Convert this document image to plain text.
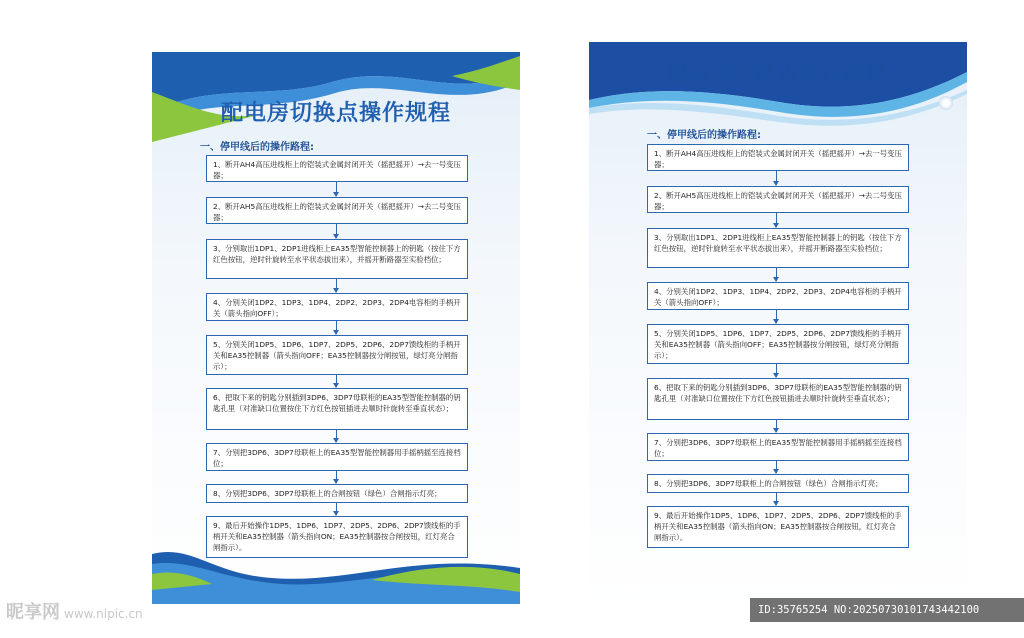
配电房切换点操作规程
一、停甲线后的操作路程:
1、断开AH4高压进线柜上的铠装式金属封闭开关（摇把摇开）→去一号变压器；
2、断开AH5高压进线柜上的铠装式金属封闭开关（摇把摇开）→去二号变压器；
3、分别取出1DP1、2DP1进线柜上EA35型智能控制器上的钥匙（按住下方红色按钮，逆时针旋转至水平状态拔出来），并摇开断路器至实验档位；
4、分别关闭1DP2、1DP3、1DP4、2DP2、2DP3、2DP4电容柜的手柄开关（箭头指向OFF）；
5、分别关闭1DP5、1DP6、1DP7、2DP5、2DP6、2DP7馈线柜的手柄开关和EA35控制器（箭头指向OFF；EA35控制器按分闸按钮，绿灯亮分闸指示）；
6、把取下来的钥匙分别插到3DP6、3DP7母联柜的EA35型智能控制器的钥匙孔里（对准缺口位置按住下方红色按钮插进去顺时针旋转至垂直状态）；
7、分别把3DP6、3DP7母联柜上的EA35型智能控制器用手摇柄摇至连接档位；
8、分别把3DP6、3DP7母联柜上的合闸按钮（绿色）合闸指示灯亮；
9、最后开始操作1DP5、1DP6、1DP7、2DP5、2DP6、2DP7馈线柜的手柄开关和EA35控制器（箭头指向ON；EA35控制器按合闸按钮，红灯亮合闸指示）。
配电房切换点操作规程
一、停甲线后的操作路程:
1、断开AH4高压进线柜上的铠装式金属封闭开关（摇把摇开）→去一号变压器；
2、断开AH5高压进线柜上的铠装式金属封闭开关（摇把摇开）→去二号变压器；
3、分别取出1DP1、2DP1进线柜上EA35型智能控制器上的钥匙（按住下方红色按钮，逆时针旋转至水平状态拔出来），并摇开断路器至实验档位；
4、分别关闭1DP2、1DP3、1DP4、2DP2、2DP3、2DP4电容柜的手柄开关（箭头指向OFF）；
5、分别关闭1DP5、1DP6、1DP7、2DP5、2DP6、2DP7馈线柜的手柄开关和EA35控制器（箭头指向OFF；EA35控制器按分闸按钮，绿灯亮分闸指示）；
6、把取下来的钥匙分别插到3DP6、3DP7母联柜的EA35型智能控制器的钥匙孔里（对准缺口位置按住下方红色按钮插进去顺时针旋转至垂直状态）；
7、分别把3DP6、3DP7母联柜上的EA35型智能控制器用手摇柄摇至连接档位；
8、分别把3DP6、3DP7母联柜上的合闸按钮（绿色）合闸指示灯亮；
9、最后开始操作1DP5、1DP6、1DP7、2DP5、2DP6、2DP7馈线柜的手柄开关和EA35控制器（箭头指向ON；EA35控制器按合闸按钮，红灯亮合闸指示）。
昵享网 www.nipic.cn	ID:35765254 NO:20250730101743442100
